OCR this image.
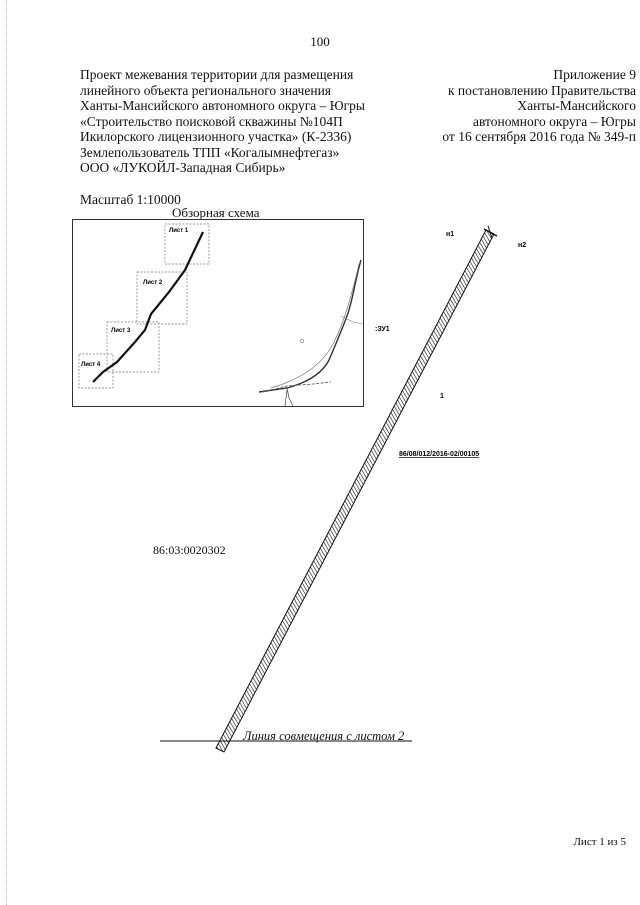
100
Проект межевания территории для размещения
линейного объекта регионального значения
Ханты-Мансийского автономного округа – Югры
«Строительство поисковой скважины №104П
Икилорского лицензионного участка» (К-2336)
Землепользователь ТПП «Когалымнефтегаз»
ООО «ЛУКОЙЛ-Западная Сибирь»
Приложение 9
к постановлению Правительства
Ханты-Мансийского
автономного округа – Югры
от 16 сентября 2016 года № 349-п
Масштаб 1:10000
Обзорная схема
Лист 1
Лист 2
Лист 3
Лист 4
н1
н2
:ЗУ1
1
86/08/012/2016-02/00105
86:03:0020302
Линия совмещения с листом 2
Лист 1 из 5
